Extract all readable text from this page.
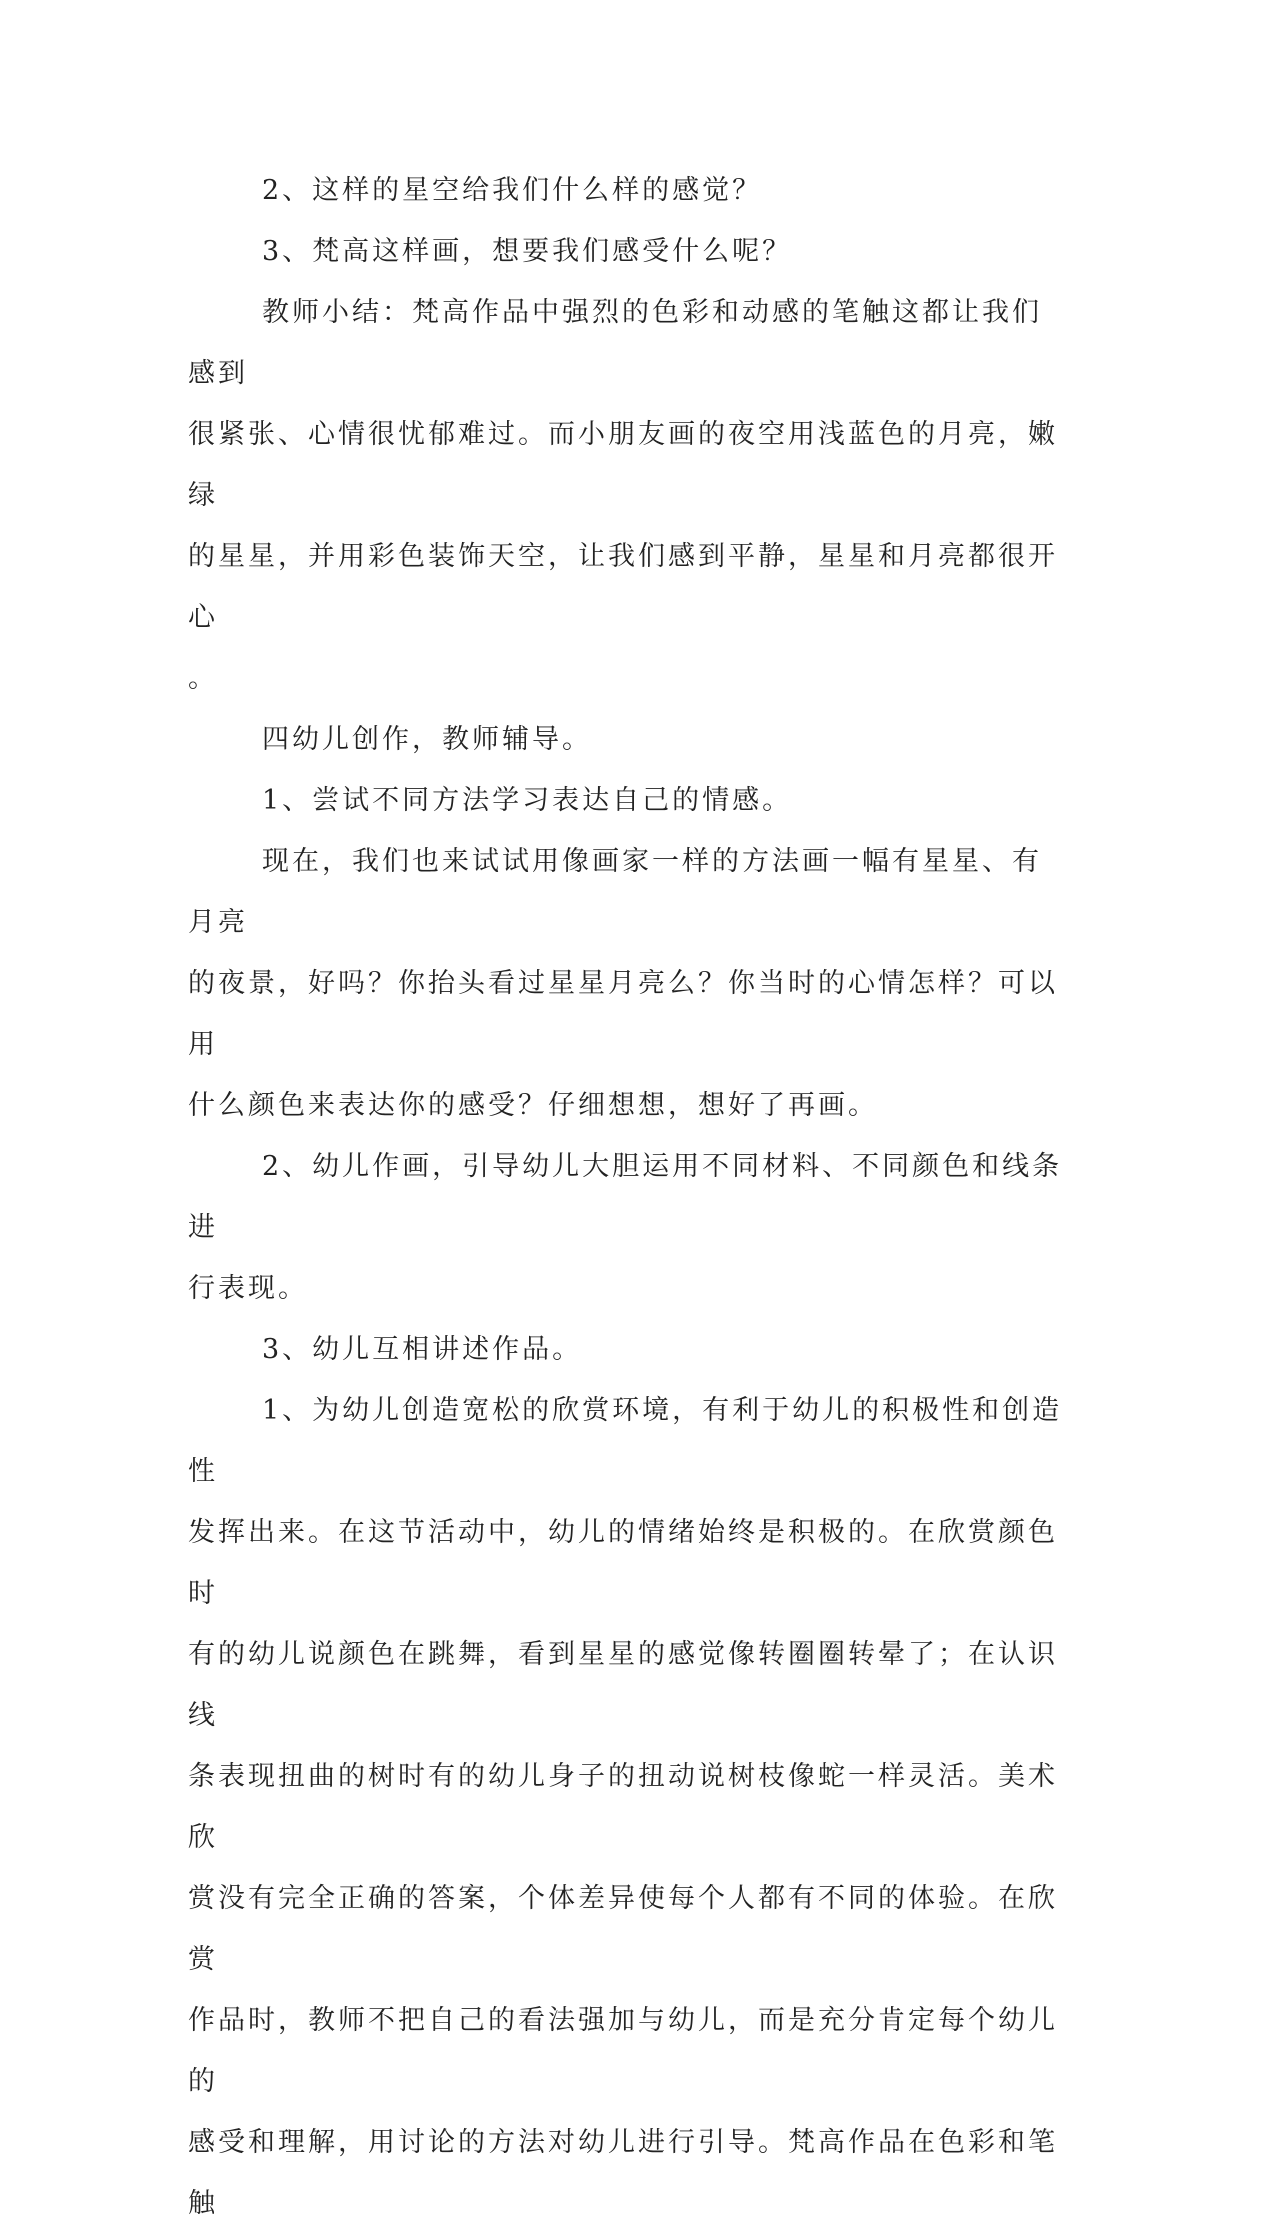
2、这样的星空给我们什么样的感觉？

3、梵高这样画，想要我们感受什么呢？

教师小结：梵高作品中强烈的色彩和动感的笔触这都让我们感到
很紧张、心情很忧郁难过。而小朋友画的夜空用浅蓝色的月亮，嫩绿
的星星，并用彩色装饰天空，让我们感到平静，星星和月亮都很开心
。

四幼儿创作，教师辅导。

1、尝试不同方法学习表达自己的情感。

现在，我们也来试试用像画家一样的方法画一幅有星星、有月亮
的夜景，好吗？你抬头看过星星月亮么？你当时的心情怎样？可以用
什么颜色来表达你的感受？仔细想想，想好了再画。

2、幼儿作画，引导幼儿大胆运用不同材料、不同颜色和线条进
行表现。

3、幼儿互相讲述作品。

1、为幼儿创造宽松的欣赏环境，有利于幼儿的积极性和创造性
发挥出来。在这节活动中，幼儿的情绪始终是积极的。在欣赏颜色时
有的幼儿说颜色在跳舞，看到星星的感觉像转圈圈转晕了；在认识线
条表现扭曲的树时有的幼儿身子的扭动说树枝像蛇一样灵活。美术欣
赏没有完全正确的答案，个体差异使每个人都有不同的体验。在欣赏
作品时，教师不把自己的看法强加与幼儿，而是充分肯定每个幼儿的
感受和理解，用讨论的方法对幼儿进行引导。梵高作品在色彩和笔触
